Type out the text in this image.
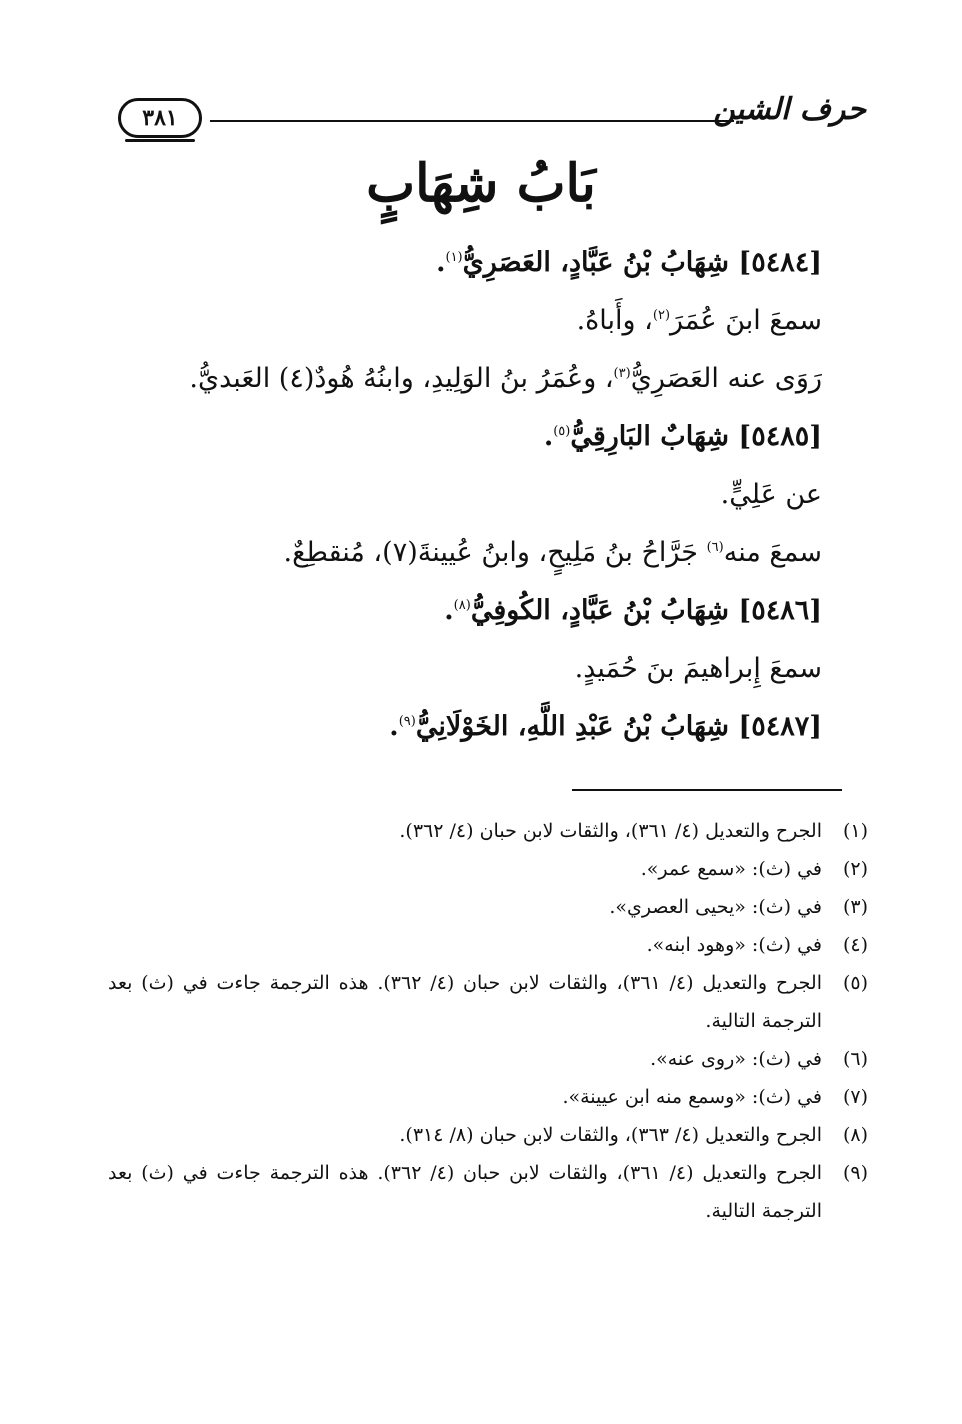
٣٨١	حرف الشين
بَابُ شِهَابٍ
[٥٤٨٤] شِهَابُ بْنُ عَبَّادٍ، العَصَرِيُّ$^{(١)}$.
سمعَ ابنَ عُمَرَ$^{(٢)}$، وأَباهُ.
رَوَى عنه العَصَرِيُّ$^{(٣)}$، وعُمَرُ بنُ الوَلِيدِ، وابنُهُ هُودٌ(٤) العَبديُّ.
[٥٤٨٥] شِهَابٌ البَارِقِيُّ$^{(٥)}$.
عن عَلِيٍّ.
سمعَ منه$^{(٦)}$ جَرَّاحُ بنُ مَلِيحٍ، وابنُ عُيينةَ(٧)، مُنقطِعٌ.
[٥٤٨٦] شِهَابُ بْنُ عَبَّادٍ، الكُوفِيُّ$^{(٨)}$.
سمعَ إِبراهيمَ بنَ حُمَيدٍ.
[٥٤٨٧] شِهَابُ بْنُ عَبْدِ اللَّهِ، الخَوْلَانِيُّ$^{(٩)}$.
(١)
الجرح والتعديل (٤/ ٣٦١)، والثقات لابن حبان (٤/ ٣٦٢).
(٢)
في (ث): «سمع عمر».
(٣)
في (ث): «يحيى العصري».
(٤)
في (ث): «وهود ابنه».
(٥)
الجرح والتعديل (٤/ ٣٦١)، والثقات لابن حبان (٤/ ٣٦٢). هذه الترجمة جاءت في (ث) بعد الترجمة التالية.
(٦)
في (ث): «روى عنه».
(٧)
في (ث): «وسمع منه ابن عيينة».
(٨)
الجرح والتعديل (٤/ ٣٦٣)، والثقات لابن حبان (٨/ ٣١٤).
(٩)
الجرح والتعديل (٤/ ٣٦١)، والثقات لابن حبان (٤/ ٣٦٢). هذه الترجمة جاءت في (ث) بعد الترجمة التالية.
